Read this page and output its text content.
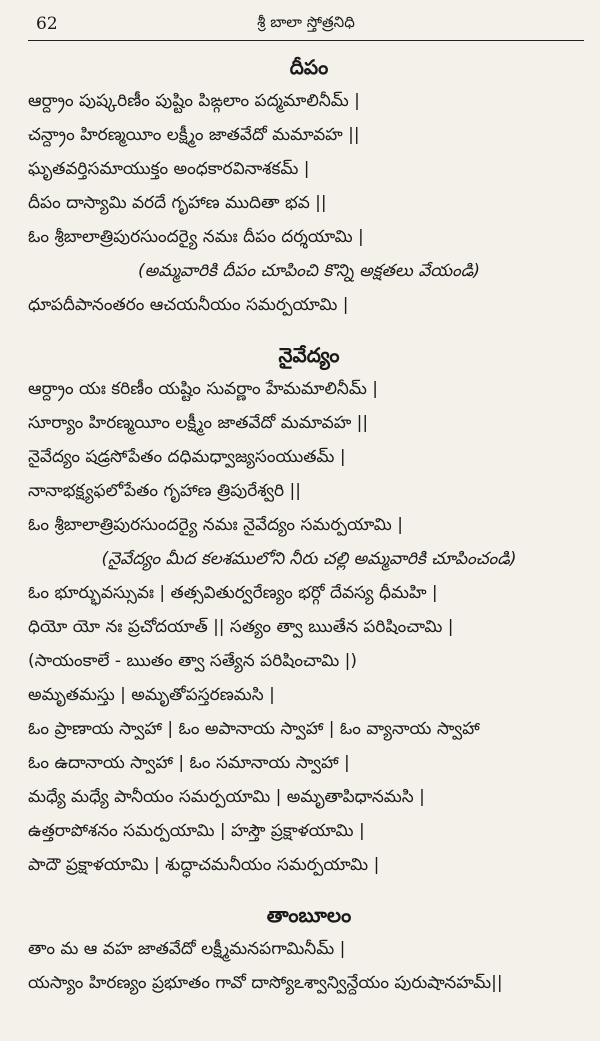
62	శ్రీ బాలా స్తోత్రనిధి
దీపం
ఆర్ద్రాం పుష్కరిణీం పుష్టిం పిఙ్గలాం పద్మమాలినీమ్ |
చన్ద్రాం హిరణ్మయీం లక్ష్మీం జాతవేదో మమావహ ||
ఘృతవర్తిసమాయుక్తం అంధకారవినాశకమ్ |
దీపం దాస్యామి వరదే గృహాణ ముదితా భవ ||
ఓం శ్రీబాలాత్రిపురసుందర్యై నమః దీపం దర్శయామి |
(అమ్మవారికి దీపం చూపించి కొన్ని అక్షతలు వేయండి)
ధూపదీపానంతరం ఆచయనీయం సమర్పయామి |
నైవేద్యం
ఆర్ద్రాం యః కరిణీం యష్టిం సువర్ణాం హేమమాలినీమ్ |
సూర్యాం హిరణ్మయీం లక్ష్మీం జాతవేదో మమావహ ||
నైవేద్యం షడ్రసోపేతం దధిమధ్వాజ్యసంయుతమ్ |
నానాభక్ష్యఫలోపేతం గృహాణ త్రిపురేశ్వరి ||
ఓం శ్రీబాలాత్రిపురసుందర్యై నమః నైవేద్యం సమర్పయామి |
(నైవేద్యం మీద కలశములోని నీరు చల్లి అమ్మవారికి చూపించండి)
ఓం భూర్భువస్సువః | తత్సవితుర్వరేణ్యం భర్గో దేవస్య ధీమహి |
ధియో యో నః ప్రచోదయాత్ || సత్యం త్వా ఋతేన పరిషించామి |
(సాయంకాలే - ఋతం త్వా సత్యేన పరిషించామి |)
అమృతమస్తు | అమృతోపస్తరణమసి |
ఓం ప్రాణాయ స్వాహా | ఓం అపానాయ స్వాహా | ఓం వ్యానాయ స్వాహా
ఓం ఉదానాయ స్వాహా | ఓం సమానాయ స్వాహా |
మధ్యే మధ్యే పానీయం సమర్పయామి | అమృతాపిధానమసి |
ఉత్తరాపోశనం సమర్పయామి | హస్తౌ ప్రక్షాళయామి |
పాదౌ ప్రక్షాళయామి | శుద్ధాచమనీయం సమర్పయామి |
తాంబూలం
తాం మ ఆ వహ జాతవేదో లక్ష్మీమనపగామినీమ్ |
యస్యాం హిరణ్యం ప్రభూతం గావో దాస్యోఽశ్వాన్విన్దేయం పురుషానహమ్||
